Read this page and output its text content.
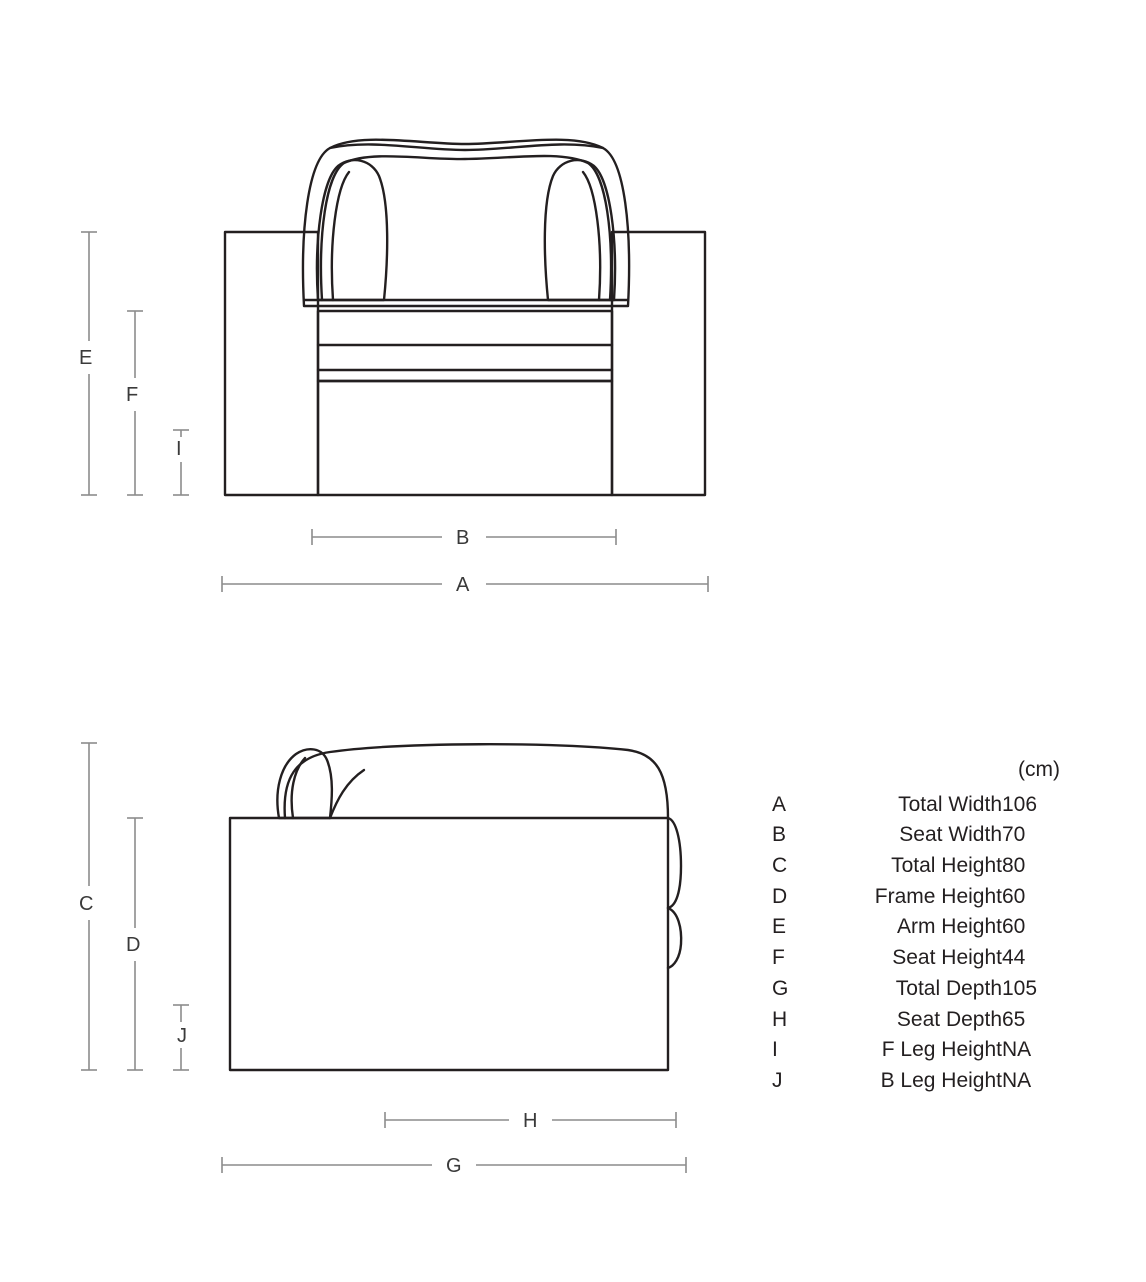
E
F
I
B
A
C
D
J
H
G
(cm)
A	Total Width	106
B	Seat Width	70
C	Total Height	80
D	Frame Height	60
E	Arm Height	60
F	Seat Height	44
G	Total Depth	105
H	Seat Depth	65
I	F Leg Height	NA
J	B Leg Height	NA
